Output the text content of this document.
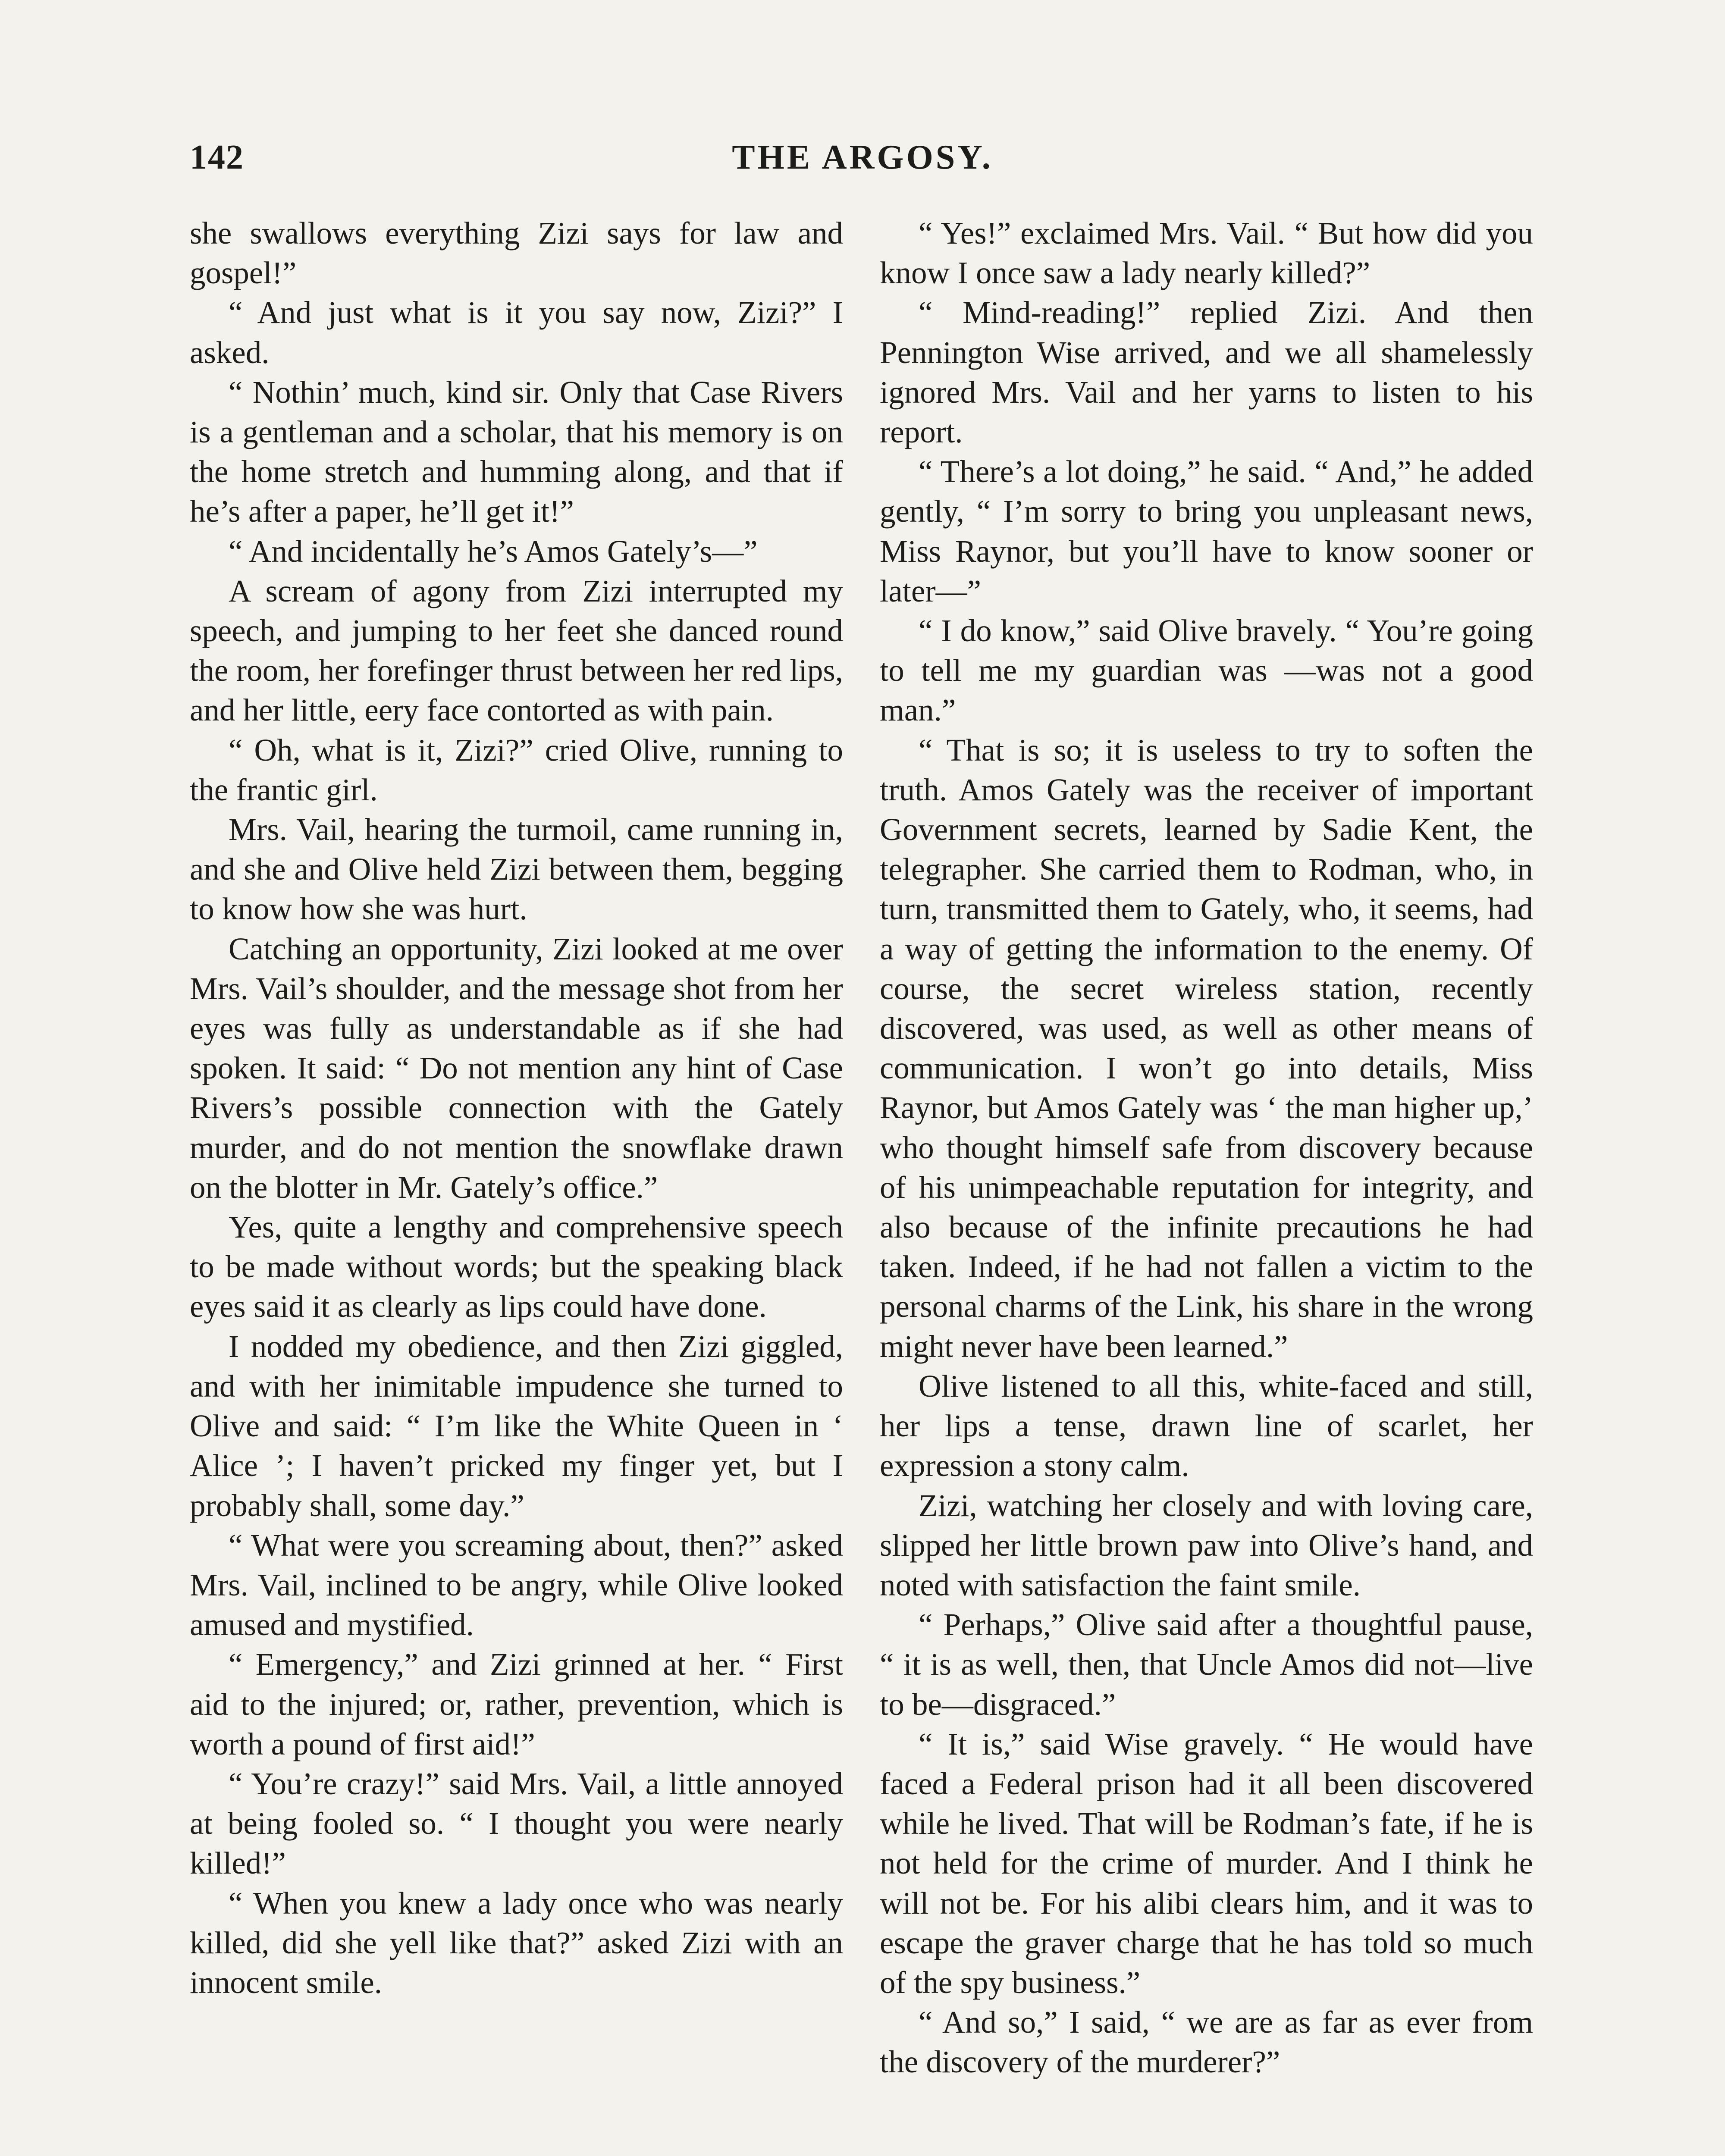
142	THE ARGOSY.

she swallows everything Zizi says for law and gospel!”

“ And just what is it you say now, Zizi?” I asked.

“ Nothin’ much, kind sir. Only that Case Rivers is a gentleman and a scholar, that his memory is on the home stretch and humming along, and that if he’s after a paper, he’ll get it!”

“ And incidentally he’s Amos Gately’s—”

A scream of agony from Zizi interrupted my speech, and jumping to her feet she danced round the room, her forefinger thrust between her red lips, and her little, eery face contorted as with pain.

“ Oh, what is it, Zizi?” cried Olive, running to the frantic girl.

Mrs. Vail, hearing the turmoil, came running in, and she and Olive held Zizi between them, begging to know how she was hurt.

Catching an opportunity, Zizi looked at me over Mrs. Vail’s shoulder, and the message shot from her eyes was fully as understandable as if she had spoken. It said: “ Do not mention any hint of Case Rivers’s possible connection with the Gately murder, and do not mention the snowflake drawn on the blotter in Mr. Gately’s office.”

Yes, quite a lengthy and comprehensive speech to be made without words; but the speaking black eyes said it as clearly as lips could have done.

I nodded my obedience, and then Zizi giggled, and with her inimitable impudence she turned to Olive and said: “ I’m like the White Queen in ‘ Alice ’; I haven’t pricked my finger yet, but I probably shall, some day.”

“ What were you screaming about, then?” asked Mrs. Vail, inclined to be angry, while Olive looked amused and mystified.

“ Emergency,” and Zizi grinned at her. “ First aid to the injured; or, rather, prevention, which is worth a pound of first aid!”

“ You’re crazy!” said Mrs. Vail, a little annoyed at being fooled so. “ I thought you were nearly killed!”

“ When you knew a lady once who was nearly killed, did she yell like that?” asked Zizi with an innocent smile.

“ Yes!” exclaimed Mrs. Vail. “ But how did you know I once saw a lady nearly killed?”

“ Mind-reading!” replied Zizi. And then Pennington Wise arrived, and we all shamelessly ignored Mrs. Vail and her yarns to listen to his report.

“ There’s a lot doing,” he said. “ And,” he added gently, “ I’m sorry to bring you unpleasant news, Miss Raynor, but you’ll have to know sooner or later—”

“ I do know,” said Olive bravely. “ You’re going to tell me my guardian was —was not a good man.”

“ That is so; it is useless to try to soften the truth. Amos Gately was the receiver of important Government secrets, learned by Sadie Kent, the telegrapher. She carried them to Rodman, who, in turn, transmitted them to Gately, who, it seems, had a way of getting the information to the enemy. Of course, the secret wireless station, recently discovered, was used, as well as other means of communication. I won’t go into details, Miss Raynor, but Amos Gately was ‘ the man higher up,’ who thought himself safe from discovery because of his unimpeachable reputation for integrity, and also because of the infinite precautions he had taken. Indeed, if he had not fallen a victim to the personal charms of the Link, his share in the wrong might never have been learned.”

Olive listened to all this, white-faced and still, her lips a tense, drawn line of scarlet, her expression a stony calm.

Zizi, watching her closely and with loving care, slipped her little brown paw into Olive’s hand, and noted with satisfaction the faint smile.

“ Perhaps,” Olive said after a thoughtful pause, “ it is as well, then, that Uncle Amos did not—live to be—disgraced.”

“ It is,” said Wise gravely. “ He would have faced a Federal prison had it all been discovered while he lived. That will be Rodman’s fate, if he is not held for the crime of murder. And I think he will not be. For his alibi clears him, and it was to escape the graver charge that he has told so much of the spy business.”

“ And so,” I said, “ we are as far as ever from the discovery of the murderer?”
